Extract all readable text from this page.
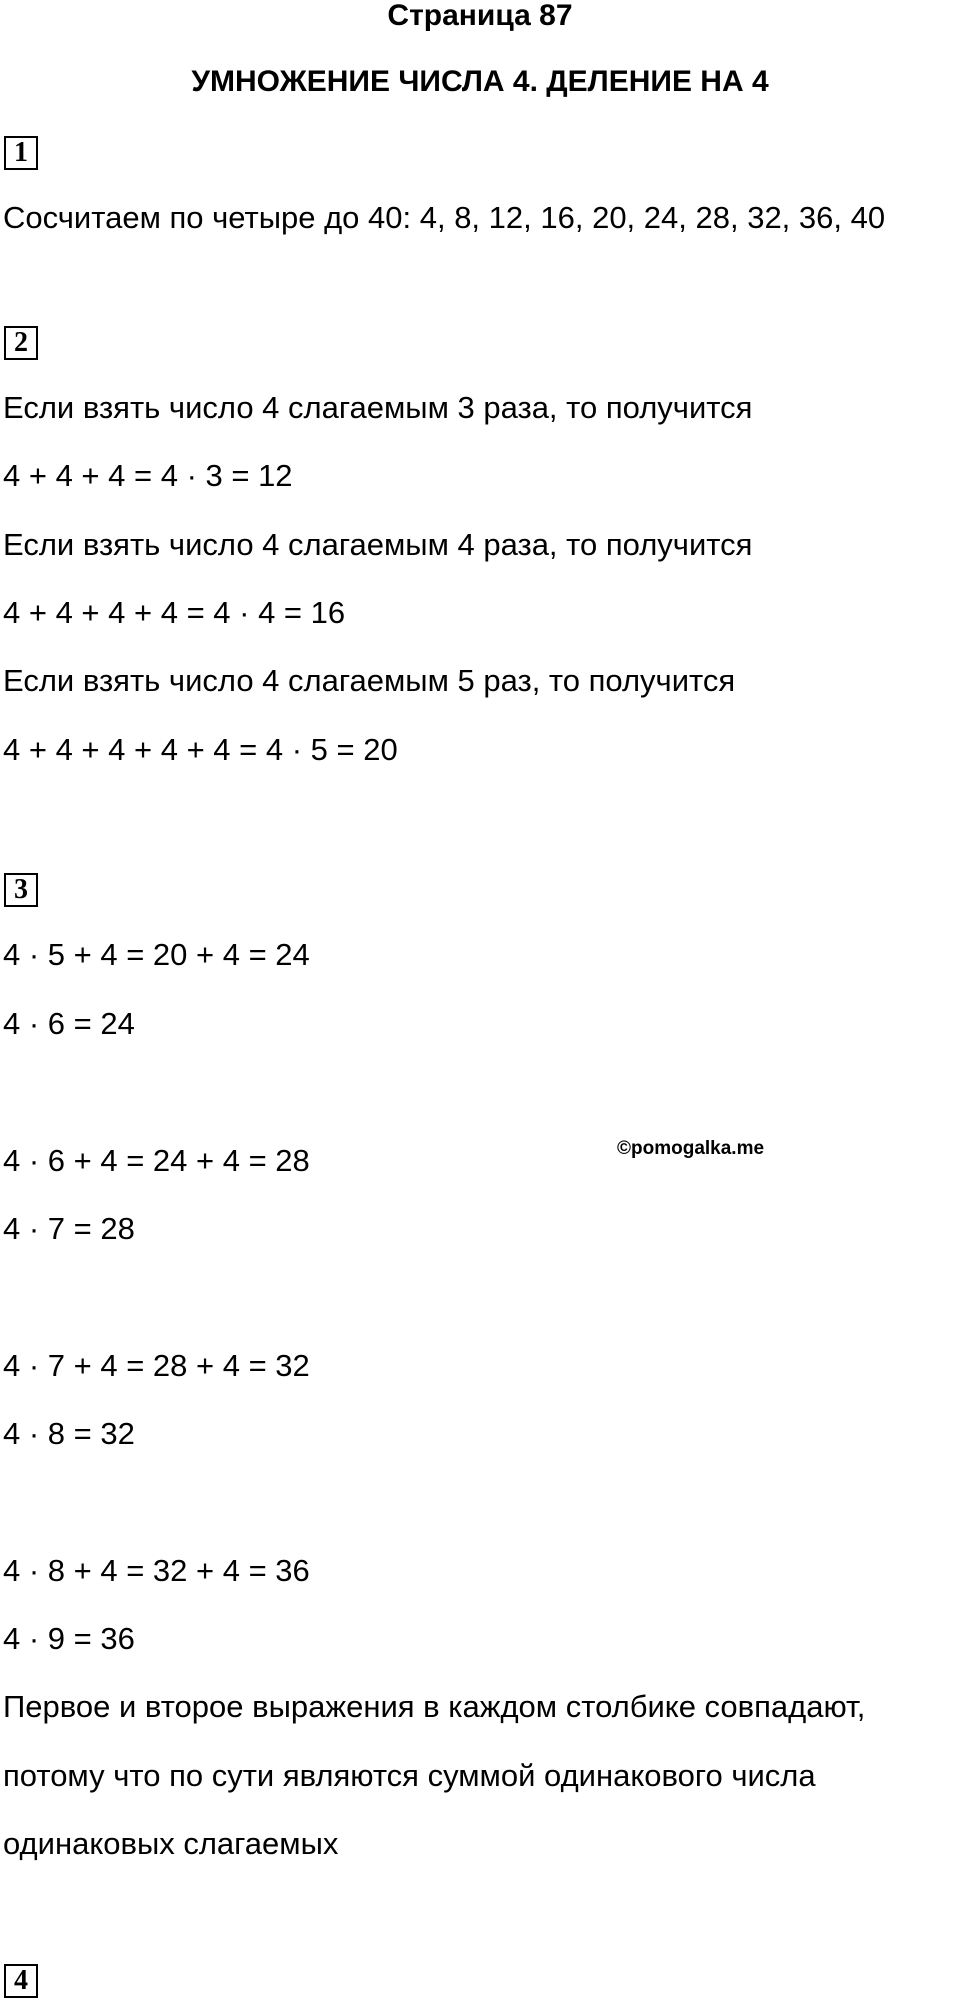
Страница 87
УМНОЖЕНИЕ ЧИСЛА 4. ДЕЛЕНИЕ НА 4
1
Сосчитаем по четыре до 40: 4, 8, 12, 16, 20, 24, 28, 32, 36, 40
2
Если взять число 4 слагаемым 3 раза, то получится
4 + 4 + 4 = 4 · 3 = 12
Если взять число 4 слагаемым 4 раза, то получится
4 + 4 + 4 + 4 = 4 · 4 = 16
Если взять число 4 слагаемым 5 раз, то получится
4 + 4 + 4 + 4 + 4 = 4 · 5 = 20
3
4 · 5 + 4 = 20 + 4 = 24
4 · 6 = 24
4 · 6 + 4 = 24 + 4 = 28
4 · 7 = 28
4 · 7 + 4 = 28 + 4 = 32
4 · 8 = 32
4 · 8 + 4 = 32 + 4 = 36
4 · 9 = 36
Первое и второе выражения в каждом столбике совпадают,
потому что по сути являются суммой одинакового числа
одинаковых слагаемых
4
©pomogalka.me
